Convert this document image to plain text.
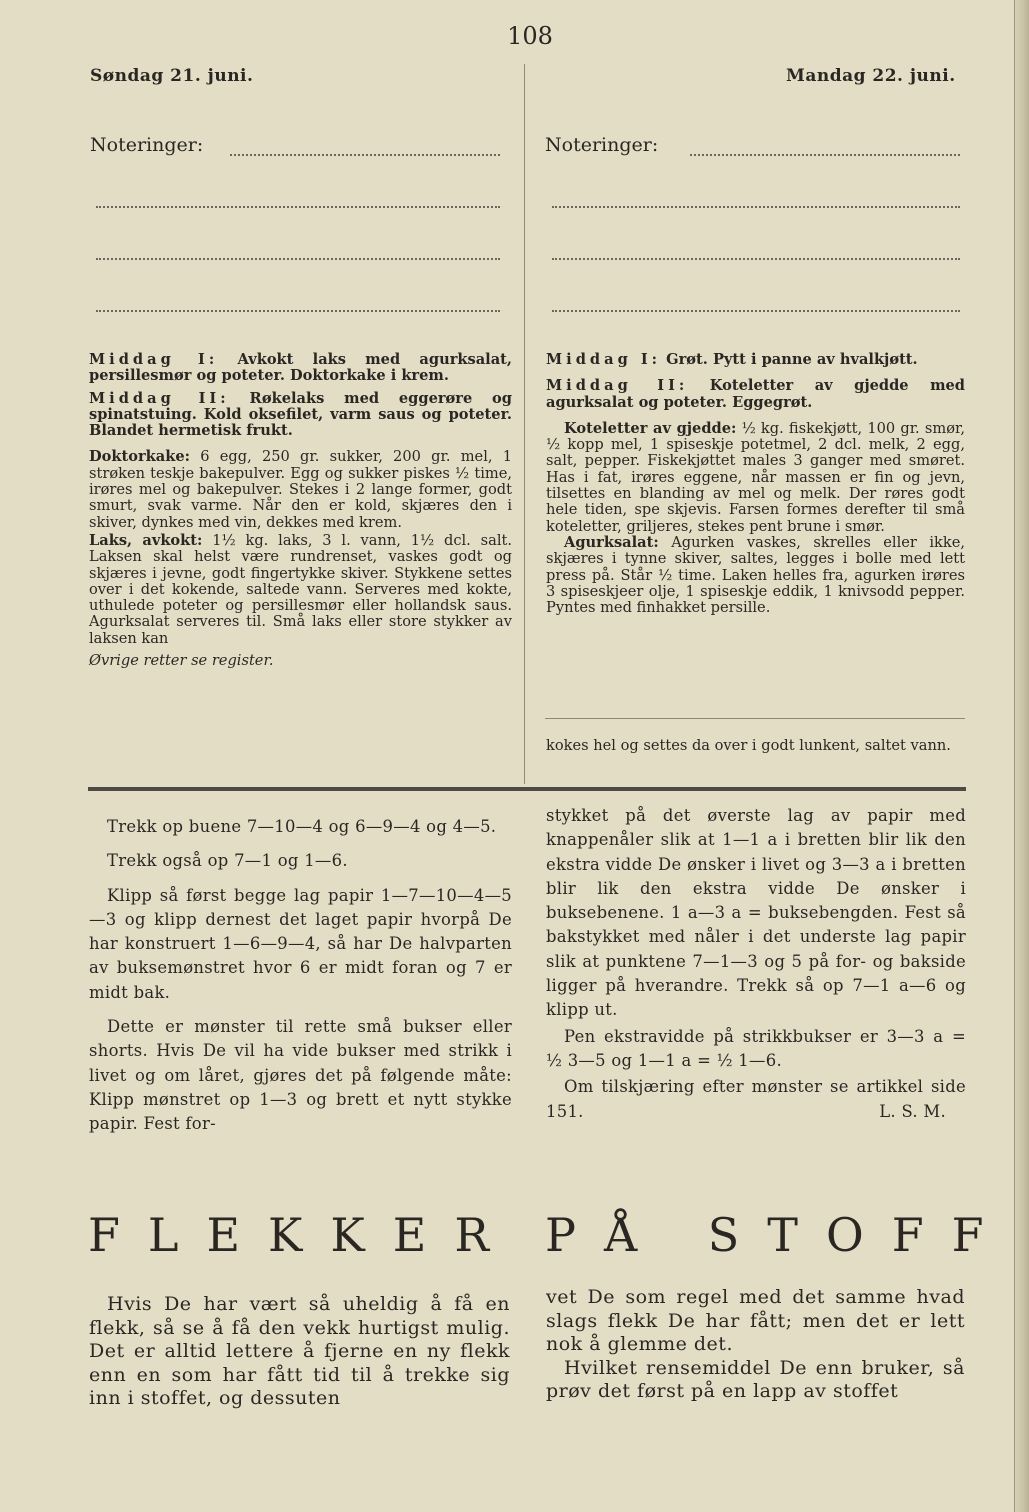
108
Søndag 21. juni.	Mandag 22. juni.
Noteringer:	Noteringer:

Middag I: Avkokt laks med agurksalat, persillesmør og poteter. Doktorkake i krem.

Middag II: Røkelaks med eggerøre og spinatstuing. Kold oksefilet, varm saus og poteter. Blandet hermetisk frukt.

Doktorkake: 6 egg, 250 gr. sukker, 200 gr. mel, 1 strøken teskje bakepulver. Egg og sukker piskes ½ time, irøres mel og bakepulver. Stekes i 2 lange former, godt smurt, svak varme. Når den er kold, skjæres den i skiver, dynkes med vin, dekkes med krem.

Laks, avkokt: 1½ kg. laks, 3 l. vann, 1½ dcl. salt. Laksen skal helst være rundrenset, vaskes godt og skjæres i jevne, godt fingertykke skiver. Stykkene settes over i det kokende, saltede vann. Serveres med kokte, uthulede poteter og persillesmør eller hollandsk saus. Agurksalat serveres til. Små laks eller store stykker av laksen kan

Øvrige retter se register.

Middag I: Grøt. Pytt i panne av hvalkjøtt.

Middag II: Koteletter av gjedde med agurksalat og poteter. Eggegrøt.

Koteletter av gjedde: ½ kg. fiskekjøtt, 100 gr. smør, ½ kopp mel, 1 spiseskje potetmel, 2 dcl. melk, 2 egg, salt, pepper. Fiskekjøttet males 3 ganger med smøret. Has i fat, irøres eggene, når massen er fin og jevn, tilsettes en blanding av mel og melk. Der røres godt hele tiden, spe skjevis. Farsen formes derefter til små koteletter, griljeres, stekes pent brune i smør.

Agurksalat: Agurken vaskes, skrelles eller ikke, skjæres i tynne skiver, saltes, legges i bolle med lett press på. Står ½ time. Laken helles fra, agurken irøres 3 spiseskjeer olje, 1 spiseskje eddik, 1 knivsodd pepper. Pyntes med finhakket persille.

kokes hel og settes da over i godt lunkent, saltet vann.

Trekk op buene 7—10—4 og 6—9—4 og 4—5.

Trekk også op 7—1 og 1—6.

Klipp så først begge lag papir 1—7—10—4—5—3 og klipp dernest det laget papir hvorpå De har konstruert 1—6—9—4, så har De halvparten av buksemønstret hvor 6 er midt foran og 7 er midt bak.

Dette er mønster til rette små bukser eller shorts. Hvis De vil ha vide bukser med strikk i livet og om låret, gjøres det på følgende måte: Klipp mønstret op 1—3 og brett et nytt stykke papir. Fest for-

stykket på det øverste lag av papir med knappenåler slik at 1—1 a i bretten blir lik den ekstra vidde De ønsker i livet og 3—3 a i bretten blir lik den ekstra vidde De ønsker i buksebenene. 1 a—3 a = buksebengden. Fest så bakstykket med nåler i det underste lag papir slik at punktene 7—1—3 og 5 på for- og bakside ligger på hverandre. Trekk så op 7—1 a—6 og klipp ut.

Pen ekstravidde på strikkbukser er 3—3 a = ½ 3—5 og 1—1 a = ½ 1—6.

Om tilskjæring efter mønster se artikkel side 151.	L. S. M.

FLEKKER PÅ STOFF

Hvis De har vært så uheldig å få en flekk, så se å få den vekk hurtigst mulig. Det er alltid lettere å fjerne en ny flekk enn en som har fått tid til å trekke sig inn i stoffet, og dessuten

vet De som regel med det samme hvad slags flekk De har fått; men det er lett nok å glemme det.

Hvilket rensemiddel De enn bruker, så prøv det først på en lapp av stoffet
